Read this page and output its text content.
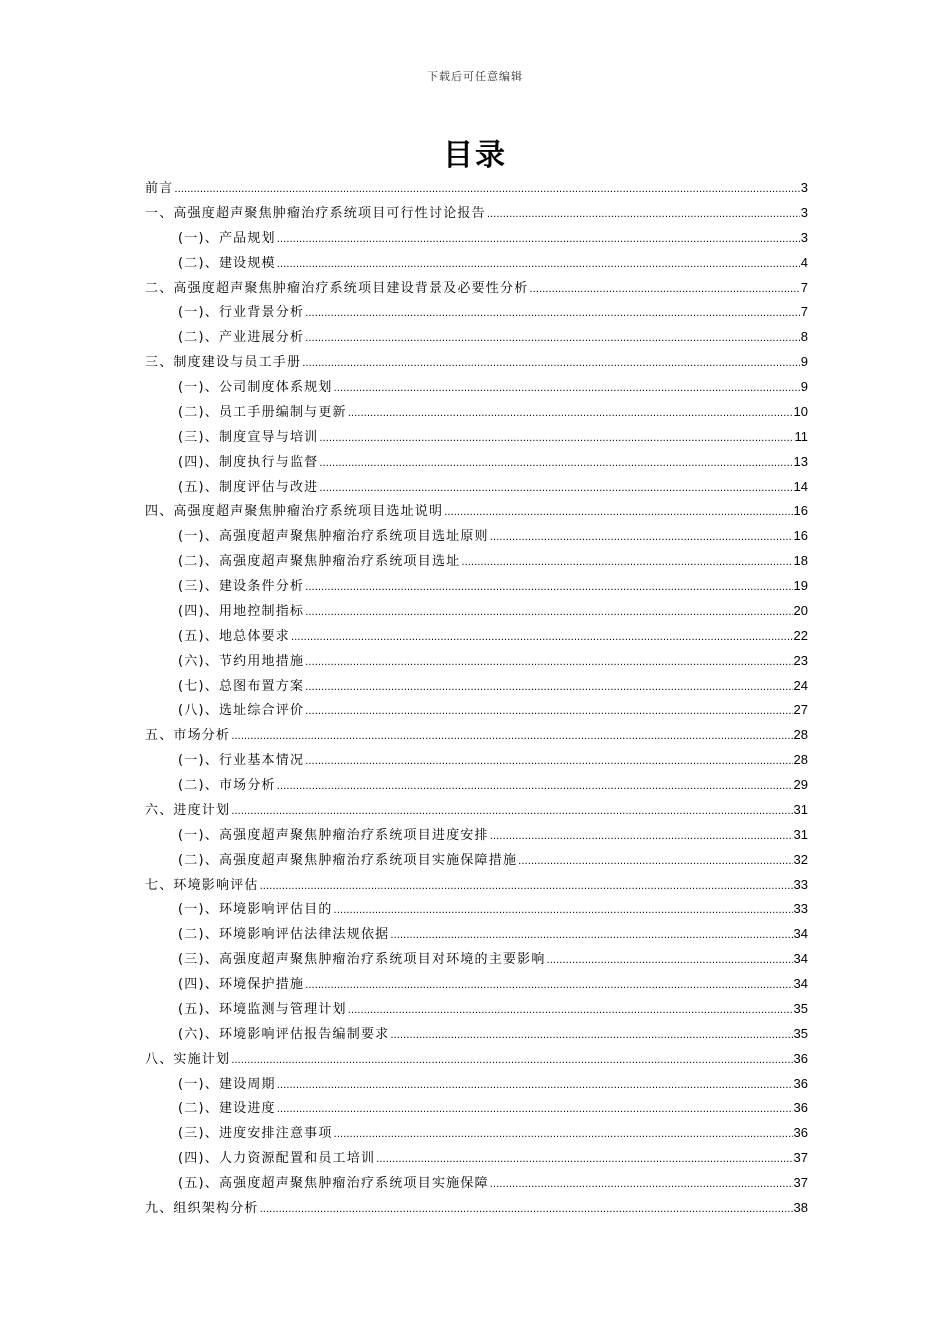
下载后可任意编辑
目录
前言 .....	3
一、高强度超声聚焦肿瘤治疗系统项目可行性讨论报告 .....	3
(一)、产品规划 .....	3
(二)、建设规模 .....	4
二、高强度超声聚焦肿瘤治疗系统项目建设背景及必要性分析 .....	7
(一)、行业背景分析 .....	7
(二)、产业进展分析 .....	8
三、制度建设与员工手册 .....	9
(一)、公司制度体系规划 .....	9
(二)、员工手册编制与更新 .....	10
(三)、制度宣导与培训 .....	11
(四)、制度执行与监督 .....	13
(五)、制度评估与改进 .....	14
四、高强度超声聚焦肿瘤治疗系统项目选址说明 .....	16
(一)、高强度超声聚焦肿瘤治疗系统项目选址原则 .....	16
(二)、高强度超声聚焦肿瘤治疗系统项目选址 .....	18
(三)、建设条件分析 .....	19
(四)、用地控制指标 .....	20
(五)、地总体要求 .....	22
(六)、节约用地措施 .....	23
(七)、总图布置方案 .....	24
(八)、选址综合评价 .....	27
五、市场分析 .....	28
(一)、行业基本情况 .....	28
(二)、市场分析 .....	29
六、进度计划 .....	31
(一)、高强度超声聚焦肿瘤治疗系统项目进度安排 .....	31
(二)、高强度超声聚焦肿瘤治疗系统项目实施保障措施 .....	32
七、环境影响评估 .....	33
(一)、环境影响评估目的 .....	33
(二)、环境影响评估法律法规依据 .....	34
(三)、高强度超声聚焦肿瘤治疗系统项目对环境的主要影响 .....	34
(四)、环境保护措施 .....	34
(五)、环境监测与管理计划 .....	35
(六)、环境影响评估报告编制要求 .....	35
八、实施计划 .....	36
(一)、建设周期 .....	36
(二)、建设进度 .....	36
(三)、进度安排注意事项 .....	36
(四)、人力资源配置和员工培训 .....	37
(五)、高强度超声聚焦肿瘤治疗系统项目实施保障 .....	37
九、组织架构分析 .....	38
